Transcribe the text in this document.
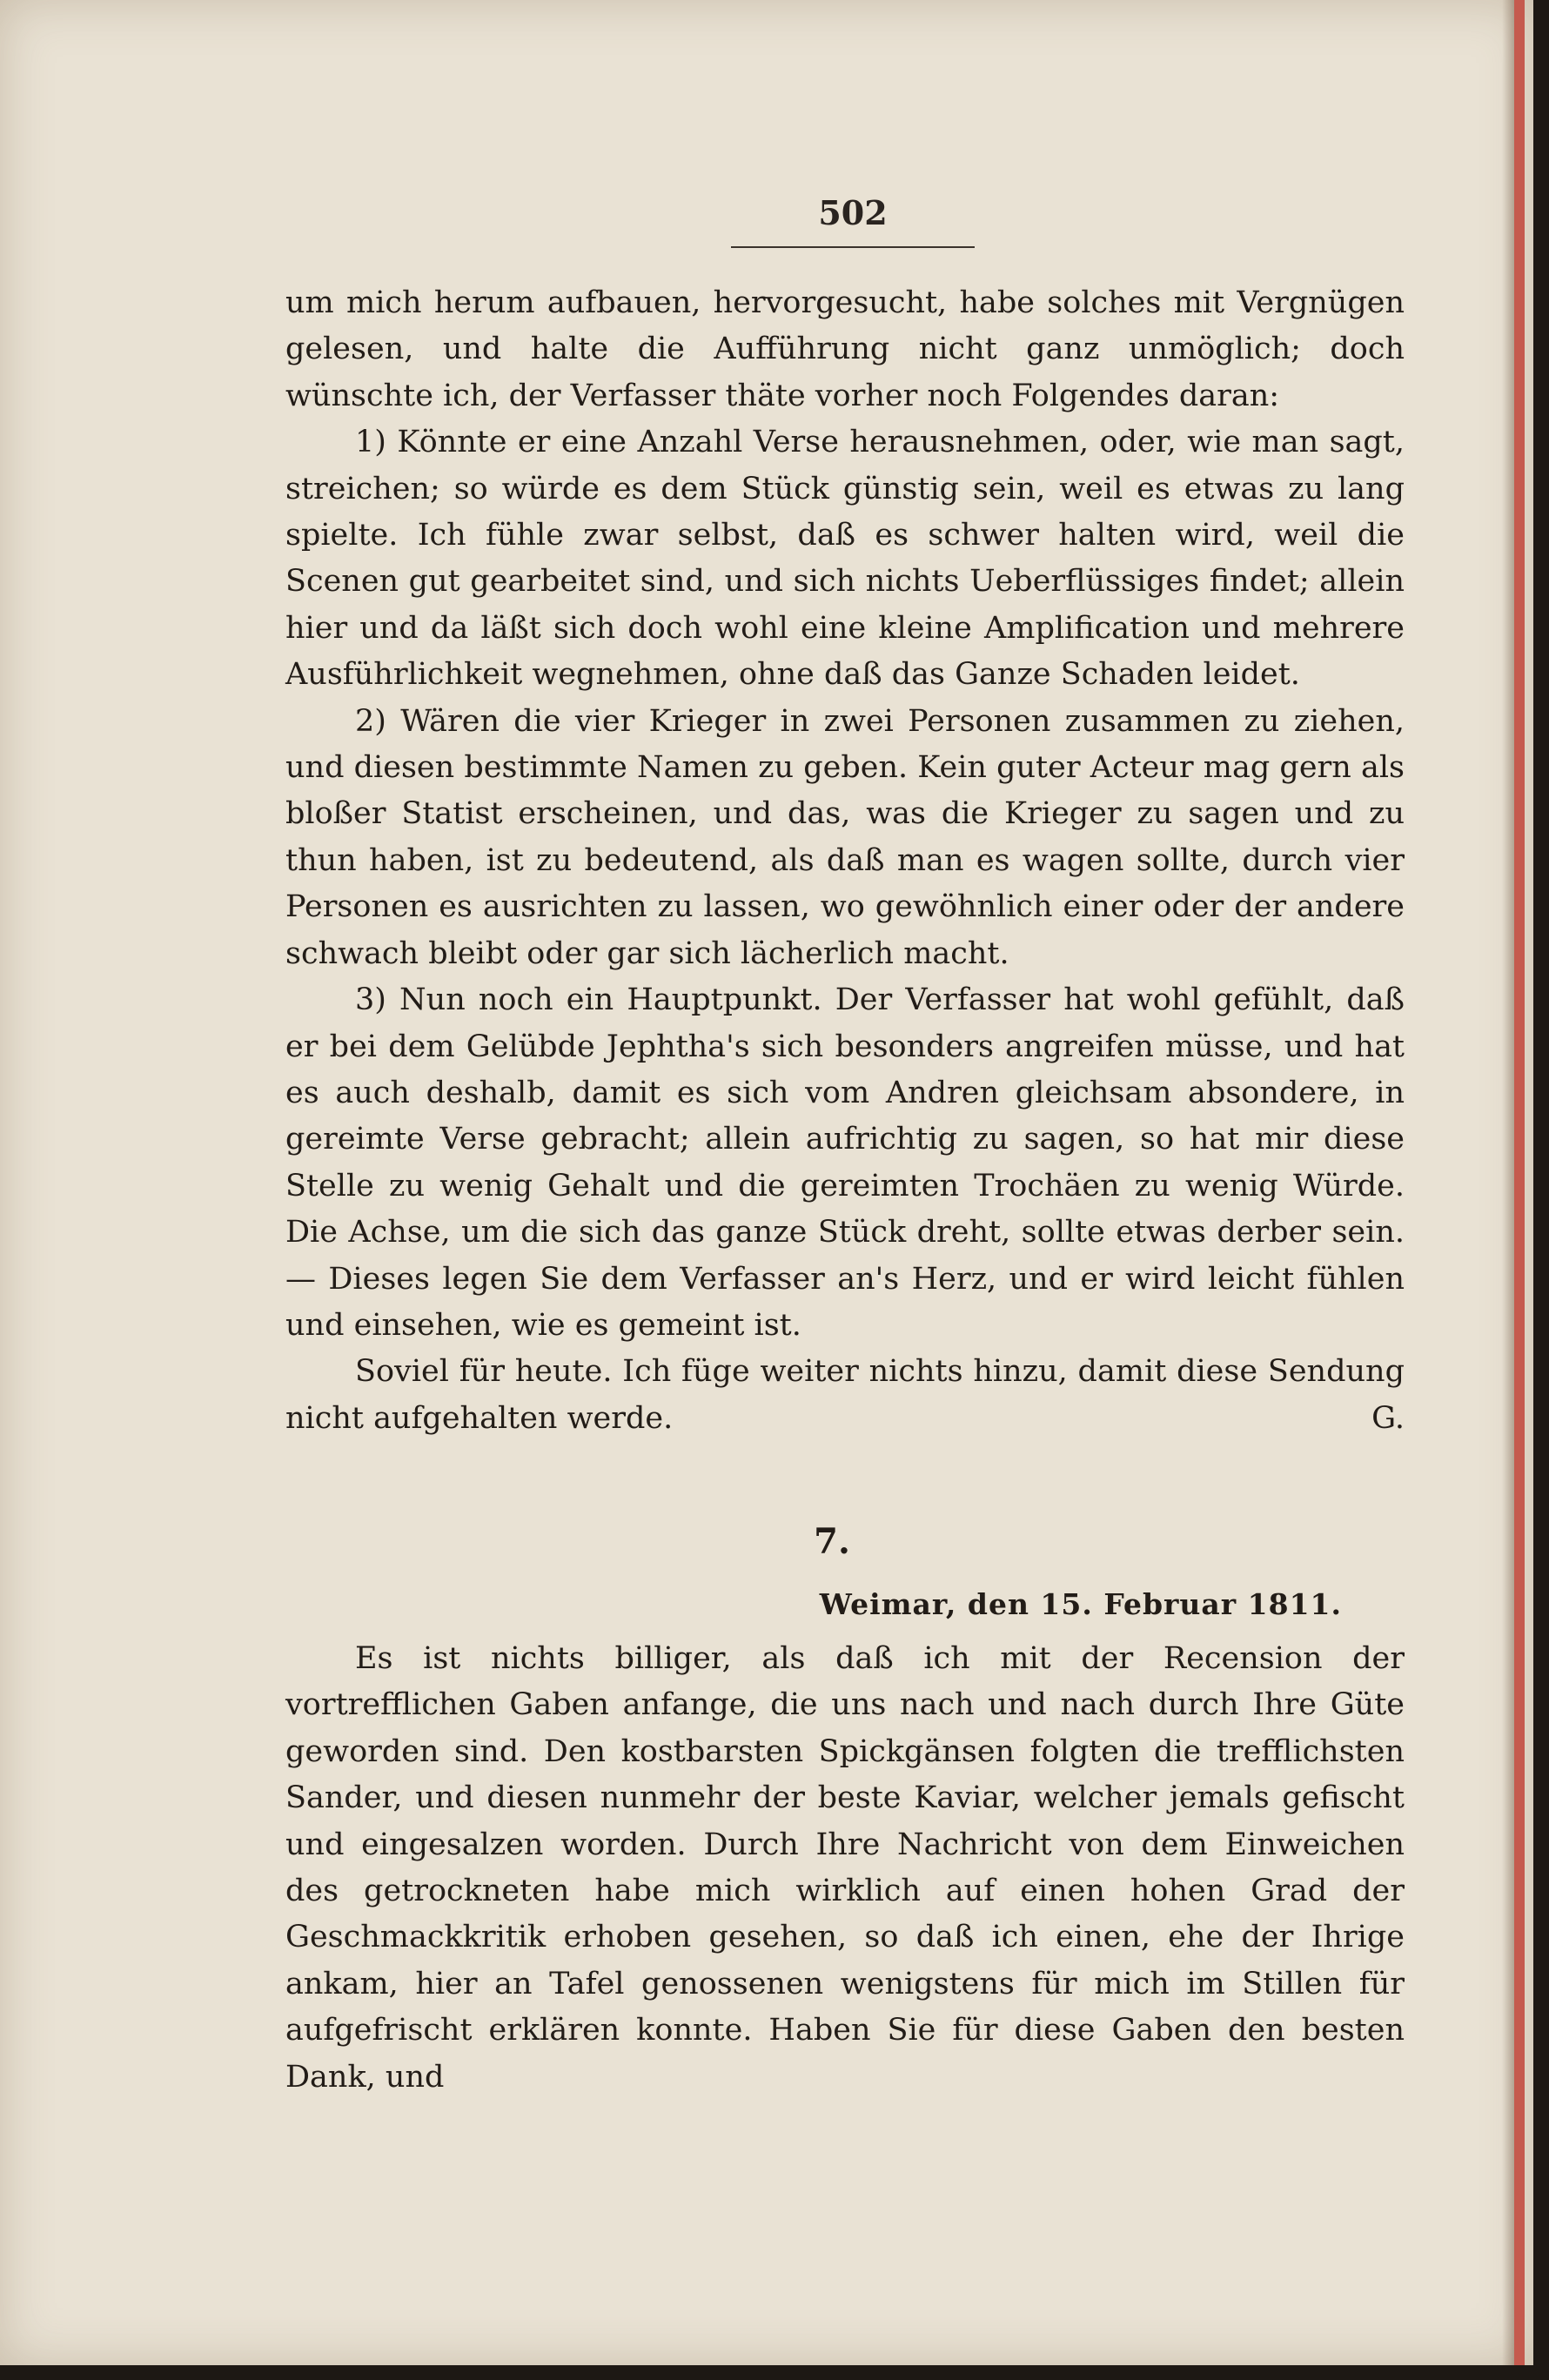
502

um mich herum aufbauen, hervorgesucht, habe solches mit Vergnügen gelesen, und halte die Aufführung nicht ganz unmöglich; doch wünschte ich, der Verfasser thäte vorher noch Folgendes daran:

1) Könnte er eine Anzahl Verse herausnehmen, oder, wie man sagt, streichen; so würde es dem Stück günstig sein, weil es etwas zu lang spielte. Ich fühle zwar selbst, daß es schwer halten wird, weil die Scenen gut gearbeitet sind, und sich nichts Ueberflüssiges findet; allein hier und da läßt sich doch wohl eine kleine Amplification und mehrere Ausführlichkeit wegnehmen, ohne daß das Ganze Schaden leidet.

2) Wären die vier Krieger in zwei Personen zusammen zu ziehen, und diesen bestimmte Namen zu geben. Kein guter Acteur mag gern als bloßer Statist erscheinen, und das, was die Krieger zu sagen und zu thun haben, ist zu bedeutend, als daß man es wagen sollte, durch vier Personen es ausrichten zu lassen, wo gewöhnlich einer oder der andere schwach bleibt oder gar sich lächerlich macht.

3) Nun noch ein Hauptpunkt. Der Verfasser hat wohl gefühlt, daß er bei dem Gelübde Jephtha's sich besonders angreifen müsse, und hat es auch deshalb, damit es sich vom Andren gleichsam absondere, in gereimte Verse gebracht; allein aufrichtig zu sagen, so hat mir diese Stelle zu wenig Gehalt und die gereimten Trochäen zu wenig Würde. Die Achse, um die sich das ganze Stück dreht, sollte etwas derber sein. — Dieses legen Sie dem Verfasser an's Herz, und er wird leicht fühlen und einsehen, wie es gemeint ist.

Soviel für heute. Ich füge weiter nichts hinzu, damit diese Sendung nicht aufgehalten werde.	G.

7.
Weimar, den 15. Februar 1811.

Es ist nichts billiger, als daß ich mit der Recension der vortrefflichen Gaben anfange, die uns nach und nach durch Ihre Güte geworden sind. Den kostbarsten Spickgänsen folgten die trefflichsten Sander, und diesen nunmehr der beste Kaviar, welcher jemals gefischt und eingesalzen worden. Durch Ihre Nachricht von dem Einweichen des getrockneten habe mich wirklich auf einen hohen Grad der Geschmackkritik erhoben gesehen, so daß ich einen, ehe der Ihrige ankam, hier an Tafel genossenen wenigstens für mich im Stillen für aufgefrischt erklären konnte. Haben Sie für diese Gaben den besten Dank, und
